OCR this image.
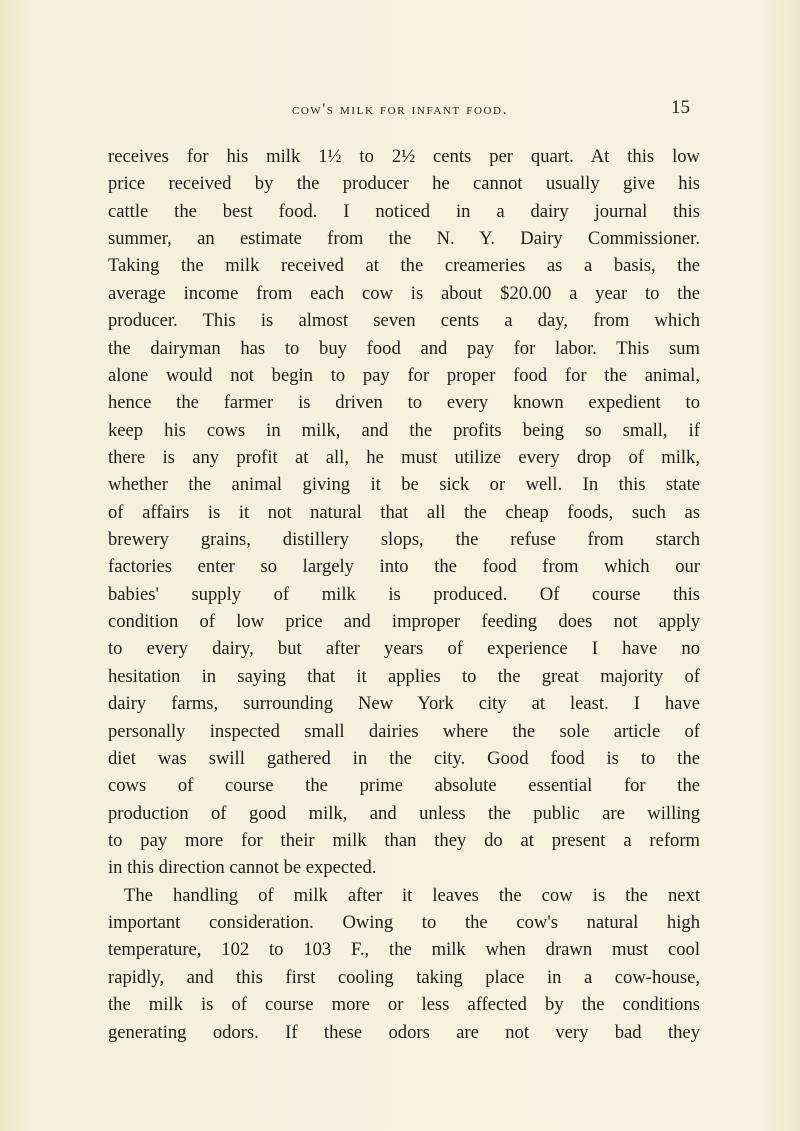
cow's milk for infant food.	15
receives for his milk 1½ to 2½ cents per quart. At this low
price received by the producer he cannot usually give his
cattle the best food. I noticed in a dairy journal this
summer, an estimate from the N. Y. Dairy Commissioner.
Taking the milk received at the creameries as a basis, the
average income from each cow is about $20.00 a year to the
producer. This is almost seven cents a day, from which
the dairyman has to buy food and pay for labor. This sum
alone would not begin to pay for proper food for the animal,
hence the farmer is driven to every known expedient to
keep his cows in milk, and the profits being so small, if
there is any profit at all, he must utilize every drop of milk,
whether the animal giving it be sick or well. In this state
of affairs is it not natural that all the cheap foods, such as
brewery grains, distillery slops, the refuse from starch
factories enter so largely into the food from which our
babies' supply of milk is produced. Of course this
condition of low price and improper feeding does not apply
to every dairy, but after years of experience I have no
hesitation in saying that it applies to the great majority of
dairy farms, surrounding New York city at least. I have
personally inspected small dairies where the sole article of
diet was swill gathered in the city. Good food is to the
cows of course the prime absolute essential for the
production of good milk, and unless the public are willing
to pay more for their milk than they do at present a reform
in this direction cannot be expected.
The handling of milk after it leaves the cow is the next
important consideration. Owing to the cow's natural high
temperature, 102 to 103 F., the milk when drawn must cool
rapidly, and this first cooling taking place in a cow-house,
the milk is of course more or less affected by the conditions
generating odors. If these odors are not very bad they
